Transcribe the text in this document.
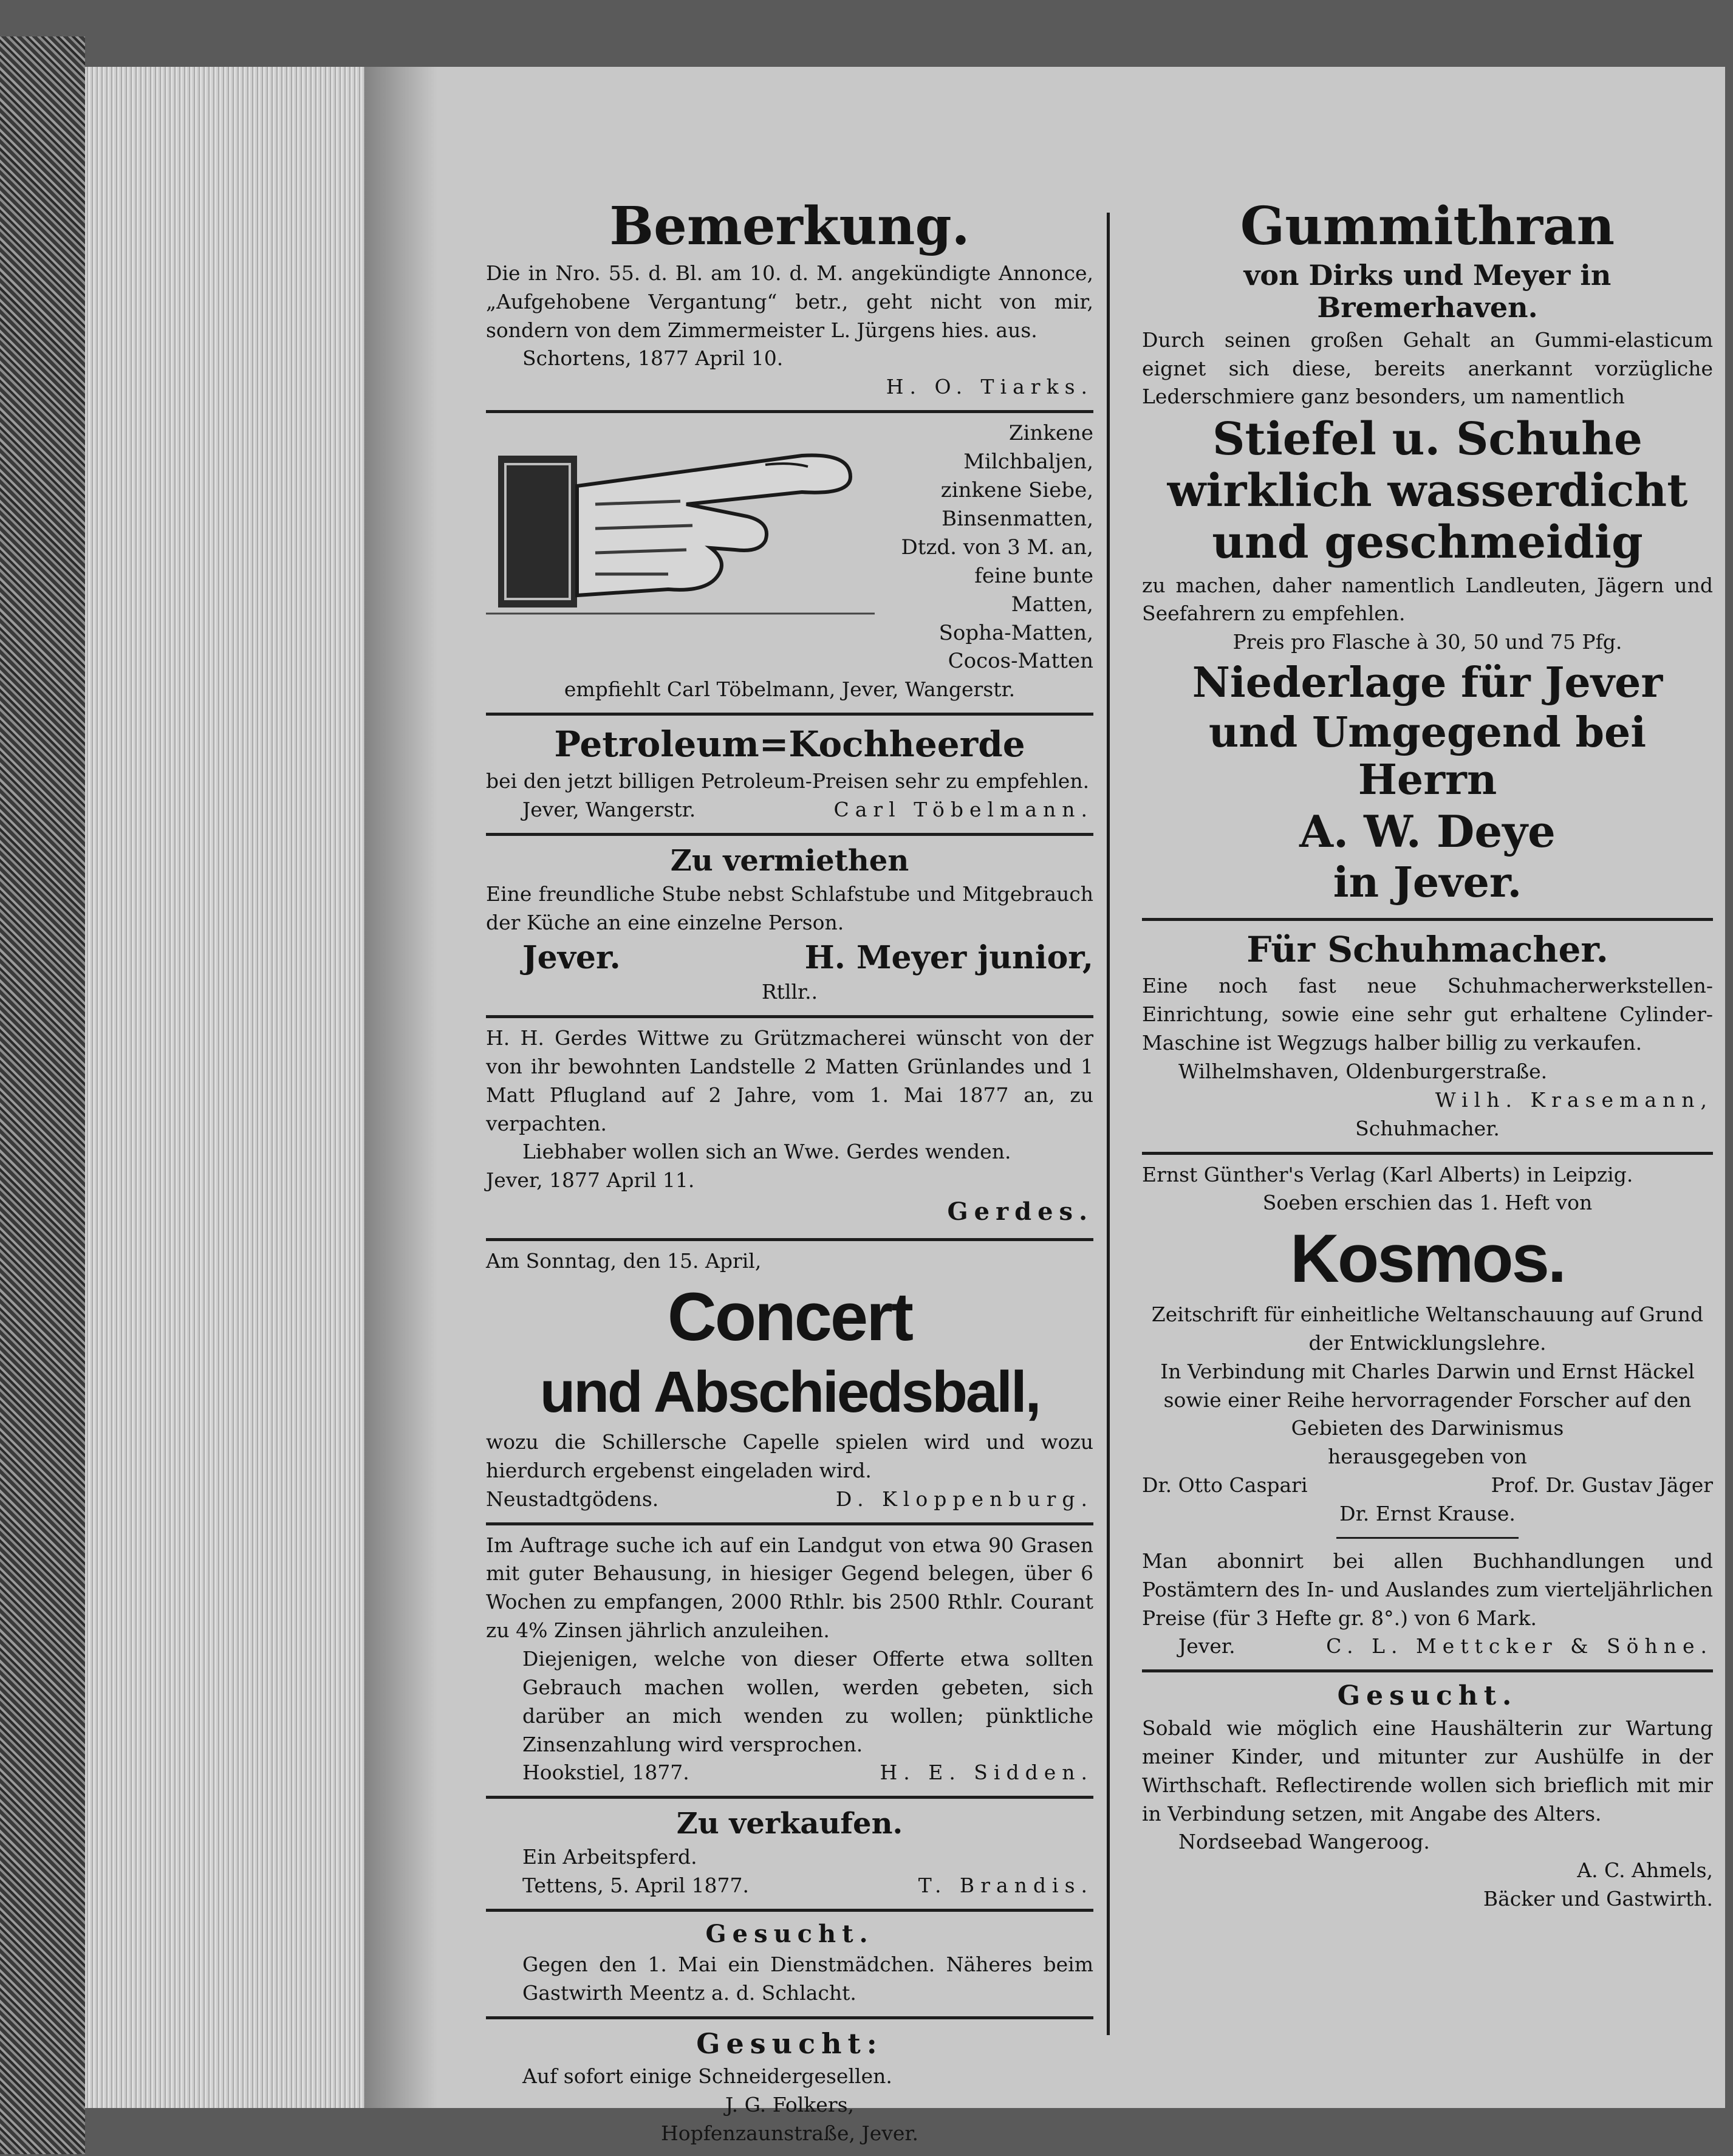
Bemerkung.

Die in Nro. 55. d. Bl. am 10. d. M. angekündigte Annonce, „Aufgehobene Vergantung“ betr., geht nicht von mir, sondern von dem Zimmermeister L. Jürgens hies. aus.

Schortens, 1877 April 10.

H. O. Tiarks.

Zinkene

Milchbaljen,

zinkene Siebe,

Binsenmatten,

Dtzd. von 3 M. an,

feine bunte Matten,

Sopha-Matten,

Cocos-Matten

empfiehlt Carl Töbelmann, Jever, Wangerstr.

Petroleum=Kochheerde

bei den jetzt billigen Petroleum-Preisen sehr zu empfehlen.

Jever, Wangerstr.	Carl Töbelmann.
Zu vermiethen

Eine freundliche Stube nebst Schlafstube und Mitgebrauch der Küche an eine einzelne Person.

Jever.	H. Meyer junior,

Rtllr..

H. H. Gerdes Wittwe zu Grützmacherei wünscht von der von ihr bewohnten Landstelle 2 Matten Grünlandes und 1 Matt Pflugland auf 2 Jahre, vom 1. Mai 1877 an, zu verpachten.

Liebhaber wollen sich an Wwe. Gerdes wenden.

Jever, 1877 April 11.

Gerdes.

Am Sonntag, den 15. April,

Concert
und Abschiedsball,

wozu die Schillersche Capelle spielen wird und wozu hierdurch ergebenst eingeladen wird.

Neustadtgödens.	D. Kloppenburg.

Im Auftrage suche ich auf ein Landgut von etwa 90 Grasen mit guter Behausung, in hiesiger Gegend belegen, über 6 Wochen zu empfangen, 2000 Rthlr. bis 2500 Rthlr. Courant zu 4% Zinsen jährlich anzuleihen.

Diejenigen, welche von dieser Offerte etwa sollten Gebrauch machen wollen, werden gebeten, sich darüber an mich wenden zu wollen; pünktliche Zinsenzahlung wird versprochen.

Hookstiel, 1877.	H. E. Sidden.
Zu verkaufen.

Ein Arbeitspferd.

Tettens, 5. April 1877.	T. Brandis.
Gesucht.

Gegen den 1. Mai ein Dienstmädchen. Näheres beim Gastwirth Meentz a. d. Schlacht.

Gesucht:

Auf sofort einige Schneidergesellen.

J. G. Folkers,

Hopfenzaunstraße, Jever.

Gummithran
von Dirks und Meyer in Bremerhaven.

Durch seinen großen Gehalt an Gummi-elasticum eignet sich diese, bereits anerkannt vorzügliche Lederschmiere ganz besonders, um namentlich

Stiefel u. Schuhe wirklich wasserdicht und geschmeidig

zu machen, daher namentlich Landleuten, Jägern und Seefahrern zu empfehlen.

Preis pro Flasche à 30, 50 und 75 Pfg.

Niederlage für Jever
und Umgegend bei Herrn
A. W. Deye
in Jever.
Für Schuhmacher.

Eine noch fast neue Schuhmacherwerkstellen-Einrichtung, sowie eine sehr gut erhaltene Cylinder-Maschine ist Wegzugs halber billig zu verkaufen.

Wilhelmshaven, Oldenburgerstraße.

Wilh. Krasemann,

Schuhmacher.

Ernst Günther's Verlag (Karl Alberts) in Leipzig.

Soeben erschien das 1. Heft von

Kosmos.

Zeitschrift für einheitliche Weltanschauung auf Grund der Entwicklungslehre.

In Verbindung mit Charles Darwin und Ernst Häckel

sowie einer Reihe hervorragender Forscher auf den Gebieten des Darwinismus

herausgegeben von

Dr. Otto Caspari	Prof. Dr. Gustav Jäger

Dr. Ernst Krause.

Man abonnirt bei allen Buchhandlungen und Postämtern des In- und Auslandes zum vierteljährlichen Preise (für 3 Hefte gr. 8°.) von 6 Mark.

Jever.	C. L. Mettcker & Söhne.
Gesucht.

Sobald wie möglich eine Haushälterin zur Wartung meiner Kinder, und mitunter zur Aushülfe in der Wirthschaft. Reflectirende wollen sich brieflich mit mir in Verbindung setzen, mit Angabe des Alters.

Nordseebad Wangeroog.

A. C. Ahmels,

Bäcker und Gastwirth.
